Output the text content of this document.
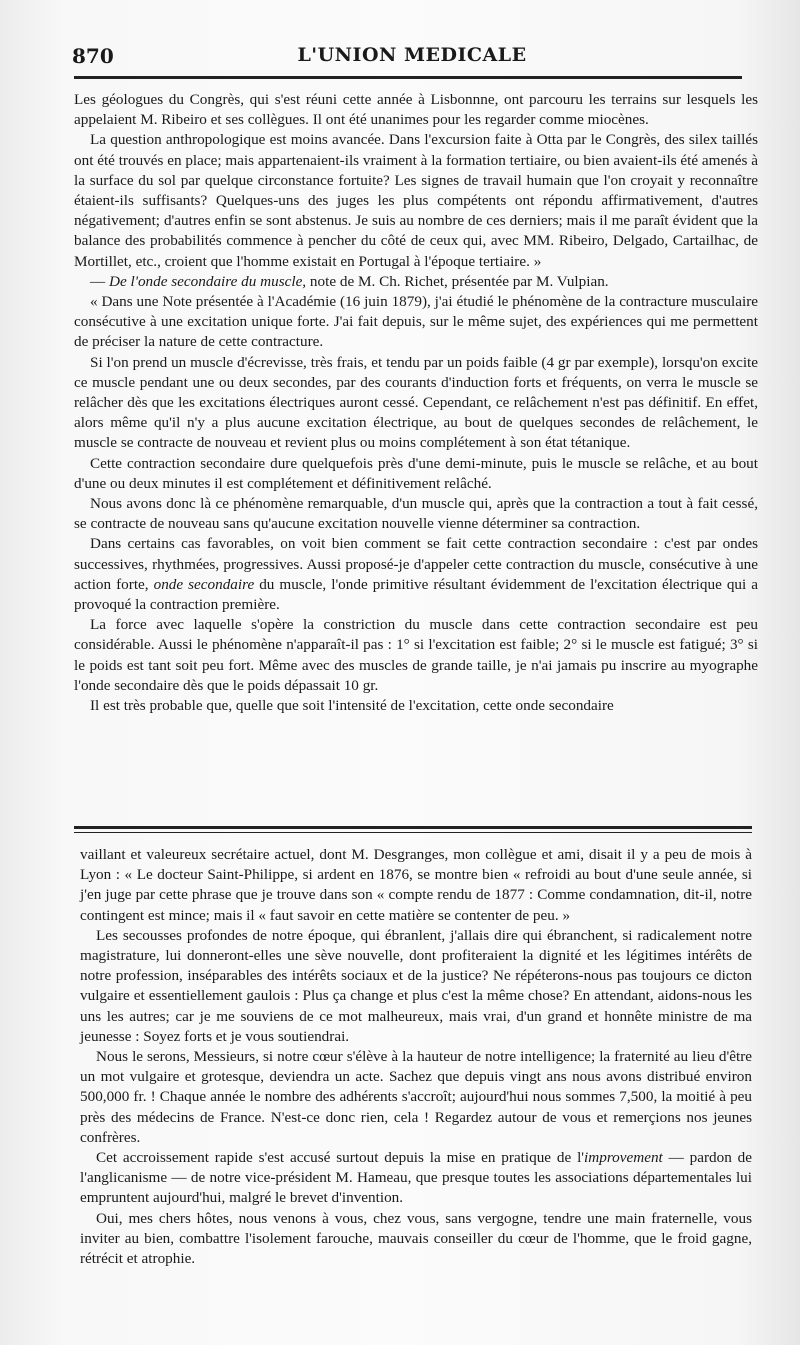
870	L'UNION MEDICALE

Les géologues du Congrès, qui s'est réuni cette année à Lisbonnne, ont parcouru les terrains sur lesquels les appelaient M. Ribeiro et ses collègues. Il ont été unanimes pour les regarder comme miocènes.

La question anthropologique est moins avancée. Dans l'excursion faite à Otta par le Congrès, des silex taillés ont été trouvés en place; mais appartenaient-ils vraiment à la formation tertiaire, ou bien avaient-ils été amenés à la surface du sol par quelque circonstance fortuite? Les signes de travail humain que l'on croyait y reconnaître étaient-ils suffisants? Quelques-uns des juges les plus compétents ont répondu affirmativement, d'autres négativement; d'autres enfin se sont abstenus. Je suis au nombre de ces derniers; mais il me paraît évident que la balance des probabilités commence à pencher du côté de ceux qui, avec MM. Ribeiro, Delgado, Cartailhac, de Mortillet, etc., croient que l'homme existait en Portugal à l'époque tertiaire. »

— De l'onde secondaire du muscle, note de M. Ch. Richet, présentée par M. Vulpian.

« Dans une Note présentée à l'Académie (16 juin 1879), j'ai étudié le phénomène de la contracture musculaire consécutive à une excitation unique forte. J'ai fait depuis, sur le même sujet, des expériences qui me permettent de préciser la nature de cette contracture.

Si l'on prend un muscle d'écrevisse, très frais, et tendu par un poids faible (4 gr par exemple), lorsqu'on excite ce muscle pendant une ou deux secondes, par des courants d'induction forts et fréquents, on verra le muscle se relâcher dès que les excitations électriques auront cessé. Cependant, ce relâchement n'est pas définitif. En effet, alors même qu'il n'y a plus aucune excitation électrique, au bout de quelques secondes de relâchement, le muscle se contracte de nouveau et revient plus ou moins complétement à son état tétanique.

Cette contraction secondaire dure quelquefois près d'une demi-minute, puis le muscle se relâche, et au bout d'une ou deux minutes il est complétement et définitivement relâché.

Nous avons donc là ce phénomène remarquable, d'un muscle qui, après que la contraction a tout à fait cessé, se contracte de nouveau sans qu'aucune excitation nouvelle vienne déterminer sa contraction.

Dans certains cas favorables, on voit bien comment se fait cette contraction secondaire : c'est par ondes successives, rhythmées, progressives. Aussi proposé-je d'appeler cette contraction du muscle, consécutive à une action forte, onde secondaire du muscle, l'onde primitive résultant évidemment de l'excitation électrique qui a provoqué la contraction première.

La force avec laquelle s'opère la constriction du muscle dans cette contraction secondaire est peu considérable. Aussi le phénomène n'apparaît-il pas : 1° si l'excitation est faible; 2° si le muscle est fatigué; 3° si le poids est tant soit peu fort. Même avec des muscles de grande taille, je n'ai jamais pu inscrire au myographe l'onde secondaire dès que le poids dépassait 10 gr.

Il est très probable que, quelle que soit l'intensité de l'excitation, cette onde secondaire

vaillant et valeureux secrétaire actuel, dont M. Desgranges, mon collègue et ami, disait il y a peu de mois à Lyon : « Le docteur Saint-Philippe, si ardent en 1876, se montre bien « refroidi au bout d'une seule année, si j'en juge par cette phrase que je trouve dans son « compte rendu de 1877 : Comme condamnation, dit-il, notre contingent est mince; mais il « faut savoir en cette matière se contenter de peu. »

Les secousses profondes de notre époque, qui ébranlent, j'allais dire qui ébranchent, si radicalement notre magistrature, lui donneront-elles une sève nouvelle, dont profiteraient la dignité et les légitimes intérêts de notre profession, inséparables des intérêts sociaux et de la justice? Ne répéterons-nous pas toujours ce dicton vulgaire et essentiellement gaulois : Plus ça change et plus c'est la même chose? En attendant, aidons-nous les uns les autres; car je me souviens de ce mot malheureux, mais vrai, d'un grand et honnête ministre de ma jeunesse : Soyez forts et je vous soutiendrai.

Nous le serons, Messieurs, si notre cœur s'élève à la hauteur de notre intelligence; la fraternité au lieu d'être un mot vulgaire et grotesque, deviendra un acte. Sachez que depuis vingt ans nous avons distribué environ 500,000 fr. ! Chaque année le nombre des adhérents s'accroît; aujourd'hui nous sommes 7,500, la moitié à peu près des médecins de France. N'est-ce donc rien, cela ! Regardez autour de vous et remerçions nos jeunes confrères.

Cet accroissement rapide s'est accusé surtout depuis la mise en pratique de l'improvement — pardon de l'anglicanisme — de notre vice-président M. Hameau, que presque toutes les associations départementales lui empruntent aujourd'hui, malgré le brevet d'invention.

Oui, mes chers hôtes, nous venons à vous, chez vous, sans vergogne, tendre une main fraternelle, vous inviter au bien, combattre l'isolement farouche, mauvais conseiller du cœur de l'homme, que le froid gagne, rétrécit et atrophie.
